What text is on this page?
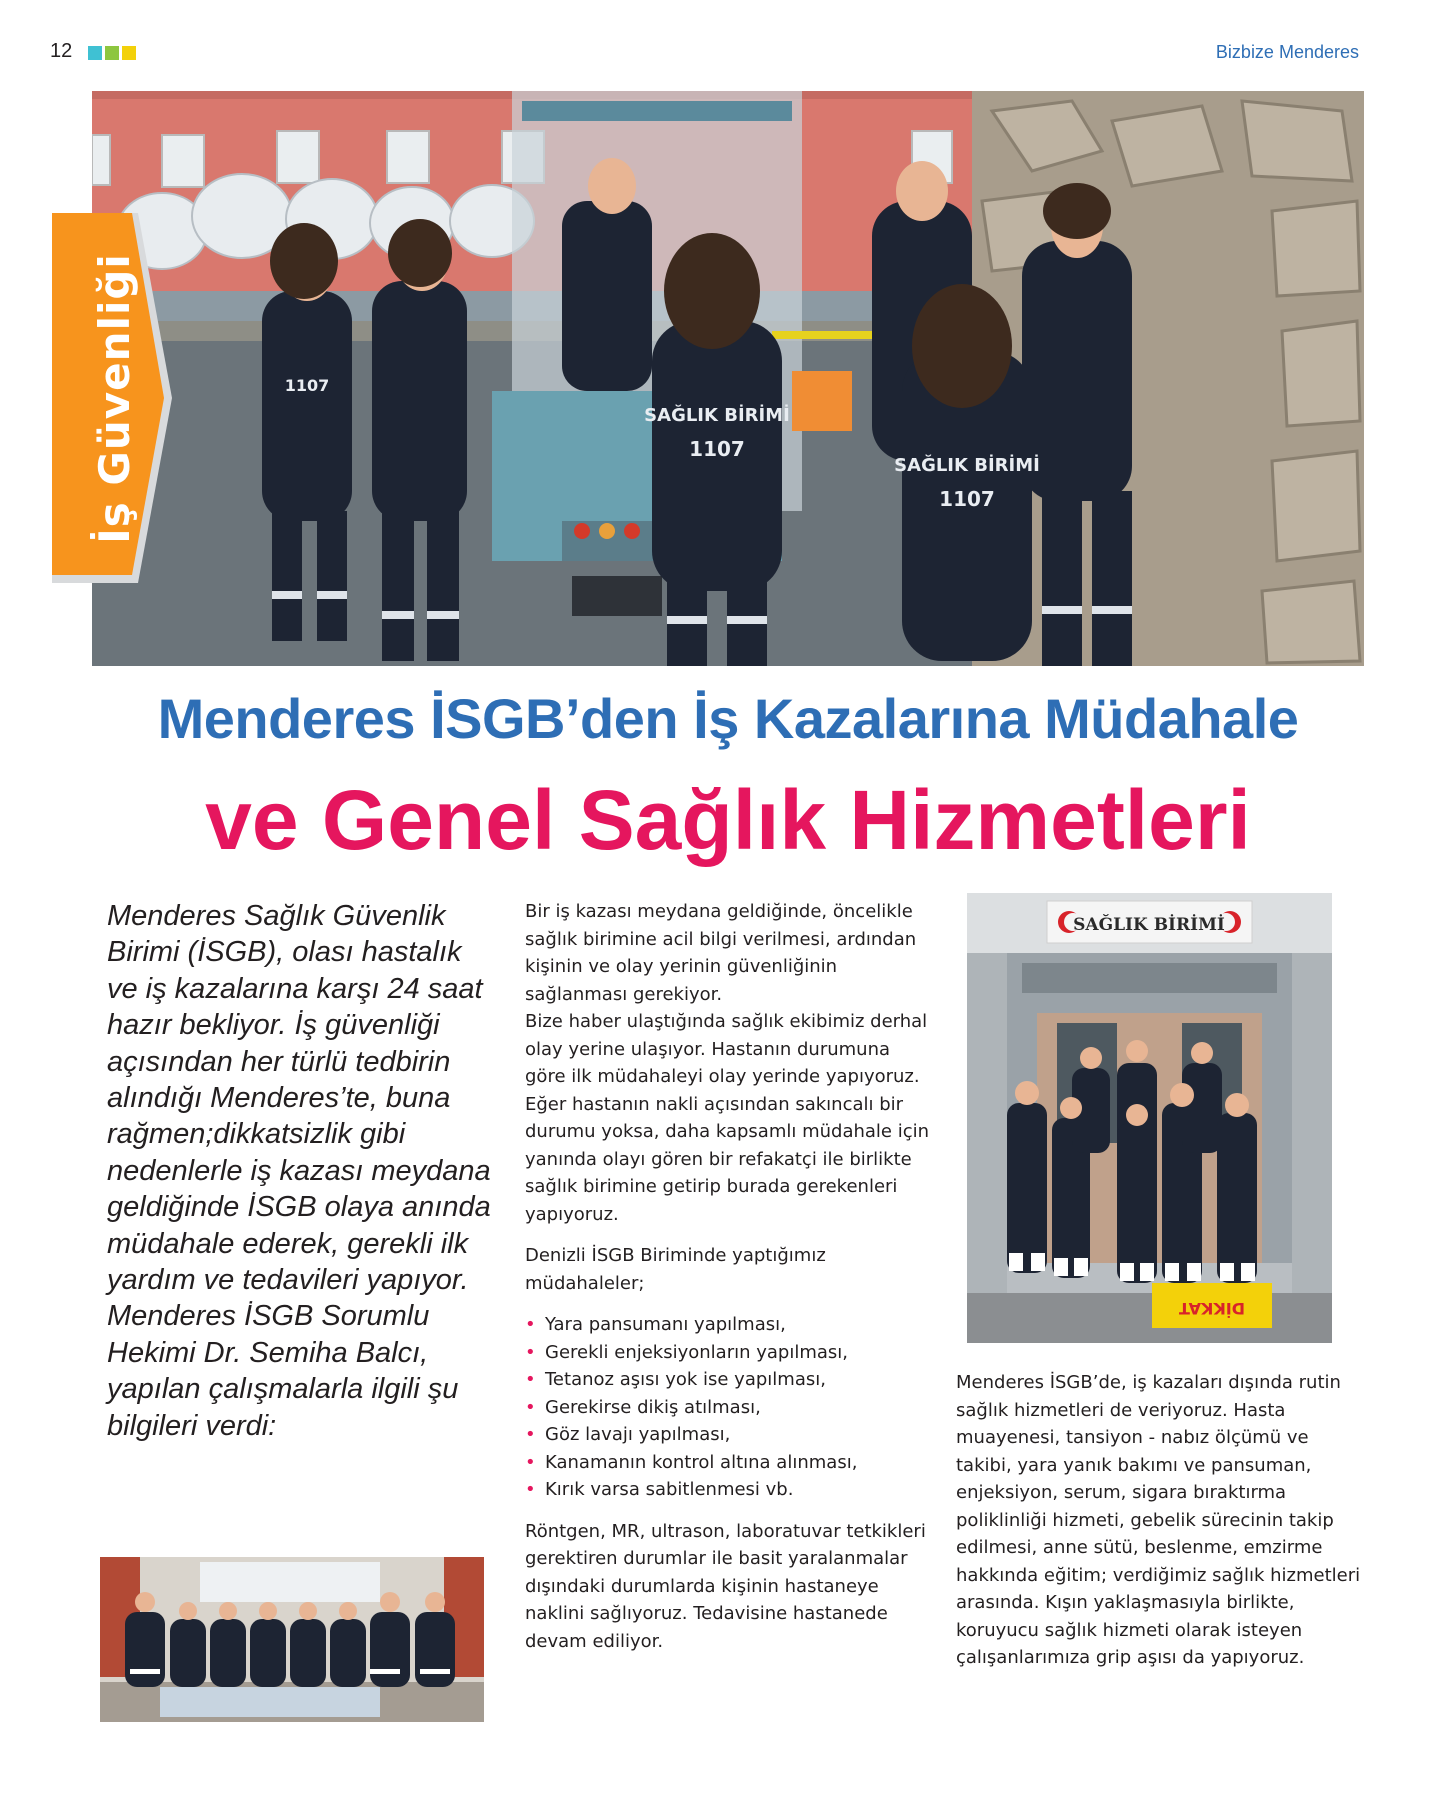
12	Bizbize Menderes
SAĞLIK BİRİMİ
1107
SAĞLIK BİRİMİ
1107
1107
İş Güvenliği
Menderes İSGB’den İş Kazalarına Müdahale
ve Genel Sağlık Hizmetleri

Menderes Sağlık Güvenlik Birimi (İSGB), olası hastalık ve iş kazalarına karşı 24 saat hazır bekliyor. İş güvenliği açısından her türlü tedbirin alındığı Menderes’te, buna rağmen;dikkatsizlik gibi nedenlerle iş kazası meydana geldiğinde İSGB olaya anında müdahale ederek, gerekli ilk yardım ve tedavileri yapıyor. Menderes İSGB Sorumlu Hekimi Dr. Semiha Balcı, yapılan çalışmalarla ilgili şu bilgileri verdi:

Bir iş kazası meydana geldiğinde, öncelikle sağlık birimine acil bilgi verilmesi, ardından kişinin ve olay yerinin güvenliğinin sağlanması gerekiyor.

Bize haber ulaştığında sağlık ekibimiz derhal olay yerine ulaşıyor. Hastanın durumuna göre ilk müdahaleyi olay yerinde yapıyoruz. Eğer hastanın nakli açısından sakıncalı bir durumu yoksa, daha kapsamlı müdahale için yanında olayı gören bir refakatçi ile birlikte sağlık birimine getirip burada gerekenleri yapıyoruz.

Denizli İSGB Biriminde yaptığımız müdahaleler;

• Yara pansumanı yapılması,
• Gerekli enjeksiyonların yapılması,
• Tetanoz aşısı yok ise yapılması,
• Gerekirse dikiş atılması,
• Göz lavajı yapılması,
• Kanamanın kontrol altına alınması,
• Kırık varsa sabitlenmesi vb.

Röntgen, MR, ultrason, laboratuvar tetkikleri gerektiren durumlar ile basit yaralanmalar dışındaki durumlarda kişinin hastaneye naklini sağlıyoruz. Tedavisine hastanede devam ediliyor.

SAĞLIK BİRİMİ
DİKKAT

Menderes İSGB’de, iş kazaları dışında rutin sağlık hizmetleri de veriyoruz. Hasta muayenesi, tansiyon - nabız ölçümü ve takibi, yara yanık bakımı ve pansuman, enjeksiyon, serum, sigara bıraktırma poliklinliği hizmeti, gebelik sürecinin takip edilmesi, anne sütü, beslenme, emzirme hakkında eğitim; verdiğimiz sağlık hizmetleri arasında. Kışın yaklaşmasıyla birlikte, koruyucu sağlık hizmeti olarak isteyen çalışanlarımıza grip aşısı da yapıyoruz.
